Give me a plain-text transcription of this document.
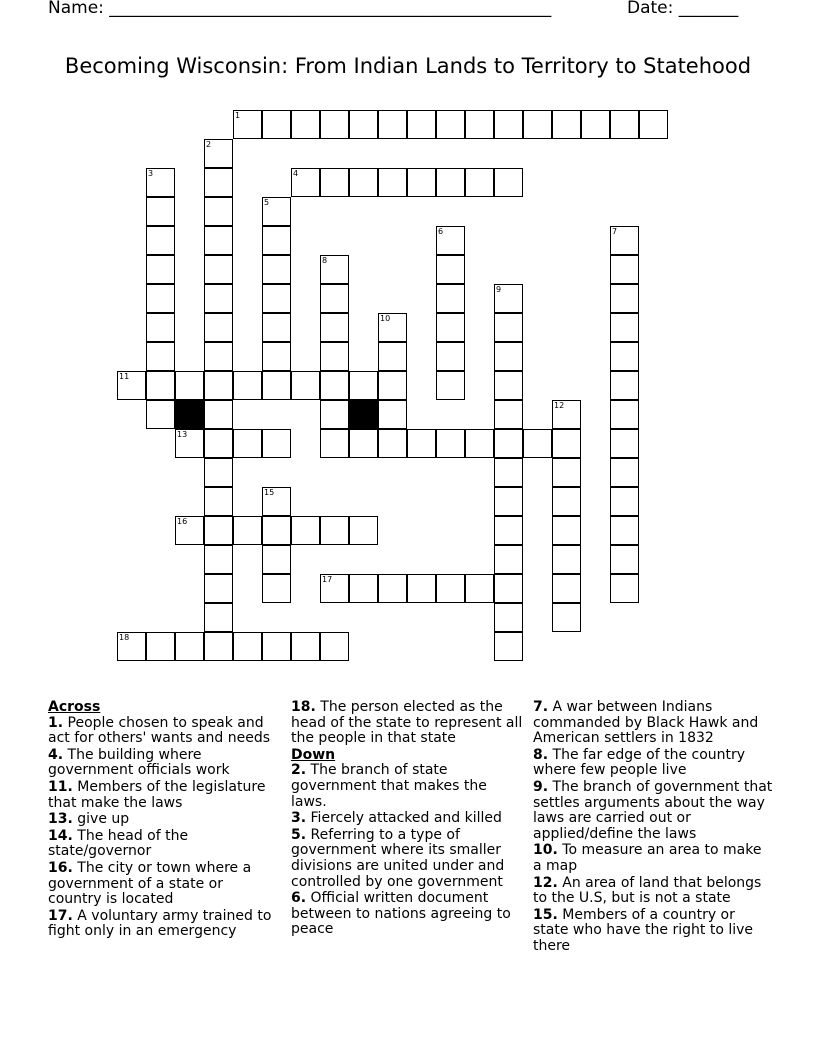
Name: ____________________________________________________	Date: _______
Becoming Wisconsin: From Indian Lands to Territory to Statehood
1
2
3	4
5
6	7
8
9
10
11
12
13
15
16
17
18
Across
1. People chosen to speak and act for others' wants and needs
4. The building where government officials work
11. Members of the legislature that make the laws
13. give up
14. The head of the state/governor
16. The city or town where a government of a state or country is located
17. A voluntary army trained to fight only in an emergency
18. The person elected as the head of the state to represent all the people in that state
Down
2. The branch of state government that makes the laws.
3. Fiercely attacked and killed
5. Referring to a type of government where its smaller divisions are united under and controlled by one government
6. Official written document between to nations agreeing to peace
7. A war between Indians commanded by Black Hawk and American settlers in 1832
8. The far edge of the country where few people live
9. The branch of government that settles arguments about the way laws are carried out or applied/define the laws
10. To measure an area to make a map
12. An area of land that belongs to the U.S, but is not a state
15. Members of a country or state who have the right to live there
